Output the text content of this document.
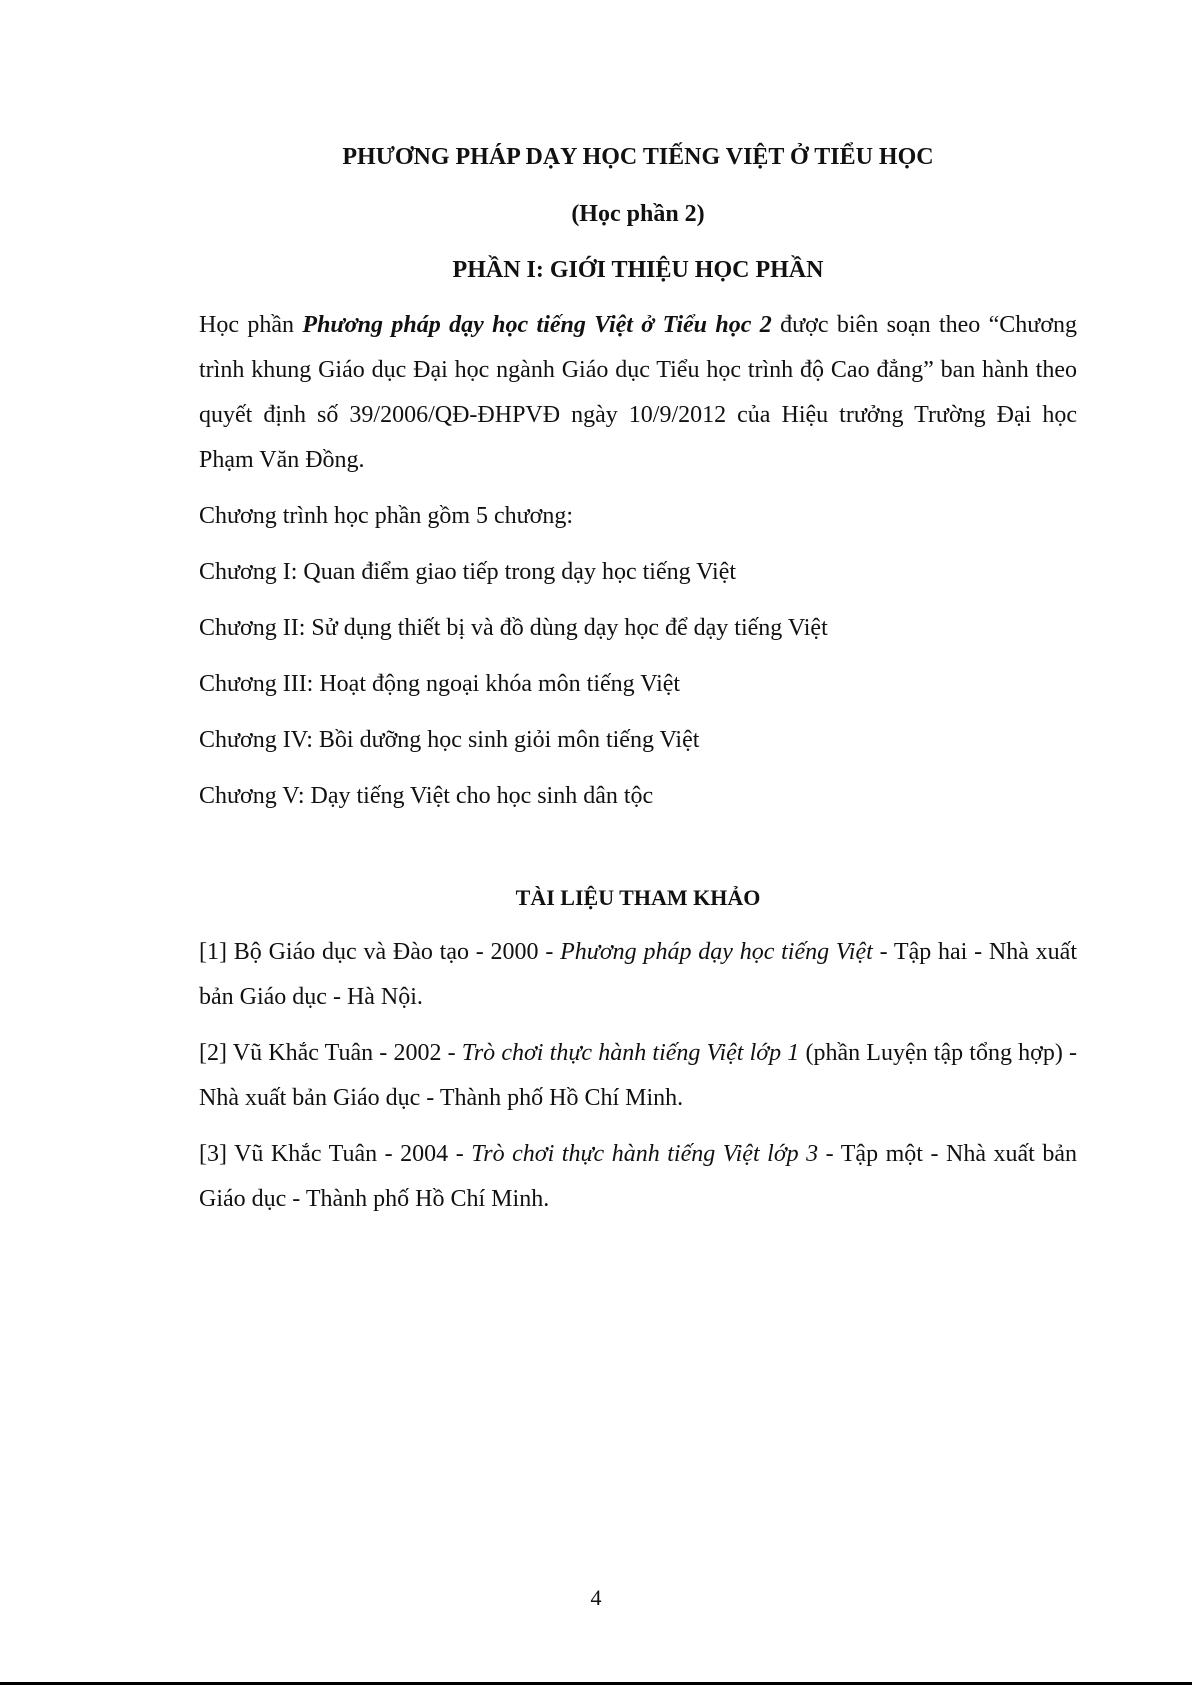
PHƯƠNG PHÁP DẠY HỌC TIẾNG VIỆT Ở TIỂU HỌC
(Học phần 2)
PHẦN I: GIỚI THIỆU HỌC PHẦN

Học phần Phương pháp dạy học tiếng Việt ở Tiểu học 2 được biên soạn theo “Chương trình khung Giáo dục Đại học ngành Giáo dục Tiểu học trình độ Cao đẳng” ban hành theo quyết định số 39/2006/QĐ-ĐHPVĐ ngày 10/9/2012 của Hiệu trưởng Trường Đại học Phạm Văn Đồng.

Chương trình học phần gồm 5 chương:

Chương I: Quan điểm giao tiếp trong dạy học tiếng Việt

Chương II: Sử dụng thiết bị và đồ dùng dạy học để dạy tiếng Việt

Chương III: Hoạt động ngoại khóa môn tiếng Việt

Chương IV: Bồi dưỡng học sinh giỏi môn tiếng Việt

Chương V: Dạy tiếng Việt cho học sinh dân tộc

TÀI LIỆU THAM KHẢO

[1] Bộ Giáo dục và Đào tạo - 2000 - Phương pháp dạy học tiếng Việt - Tập hai - Nhà xuất bản Giáo dục - Hà Nội.

[2] Vũ Khắc Tuân - 2002 - Trò chơi thực hành tiếng Việt lớp 1 (phần Luyện tập tổng hợp) - Nhà xuất bản Giáo dục - Thành phố Hồ Chí Minh.

[3] Vũ Khắc Tuân - 2004 - Trò chơi thực hành tiếng Việt lớp 3 - Tập một - Nhà xuất bản Giáo dục - Thành phố Hồ Chí Minh.

4
